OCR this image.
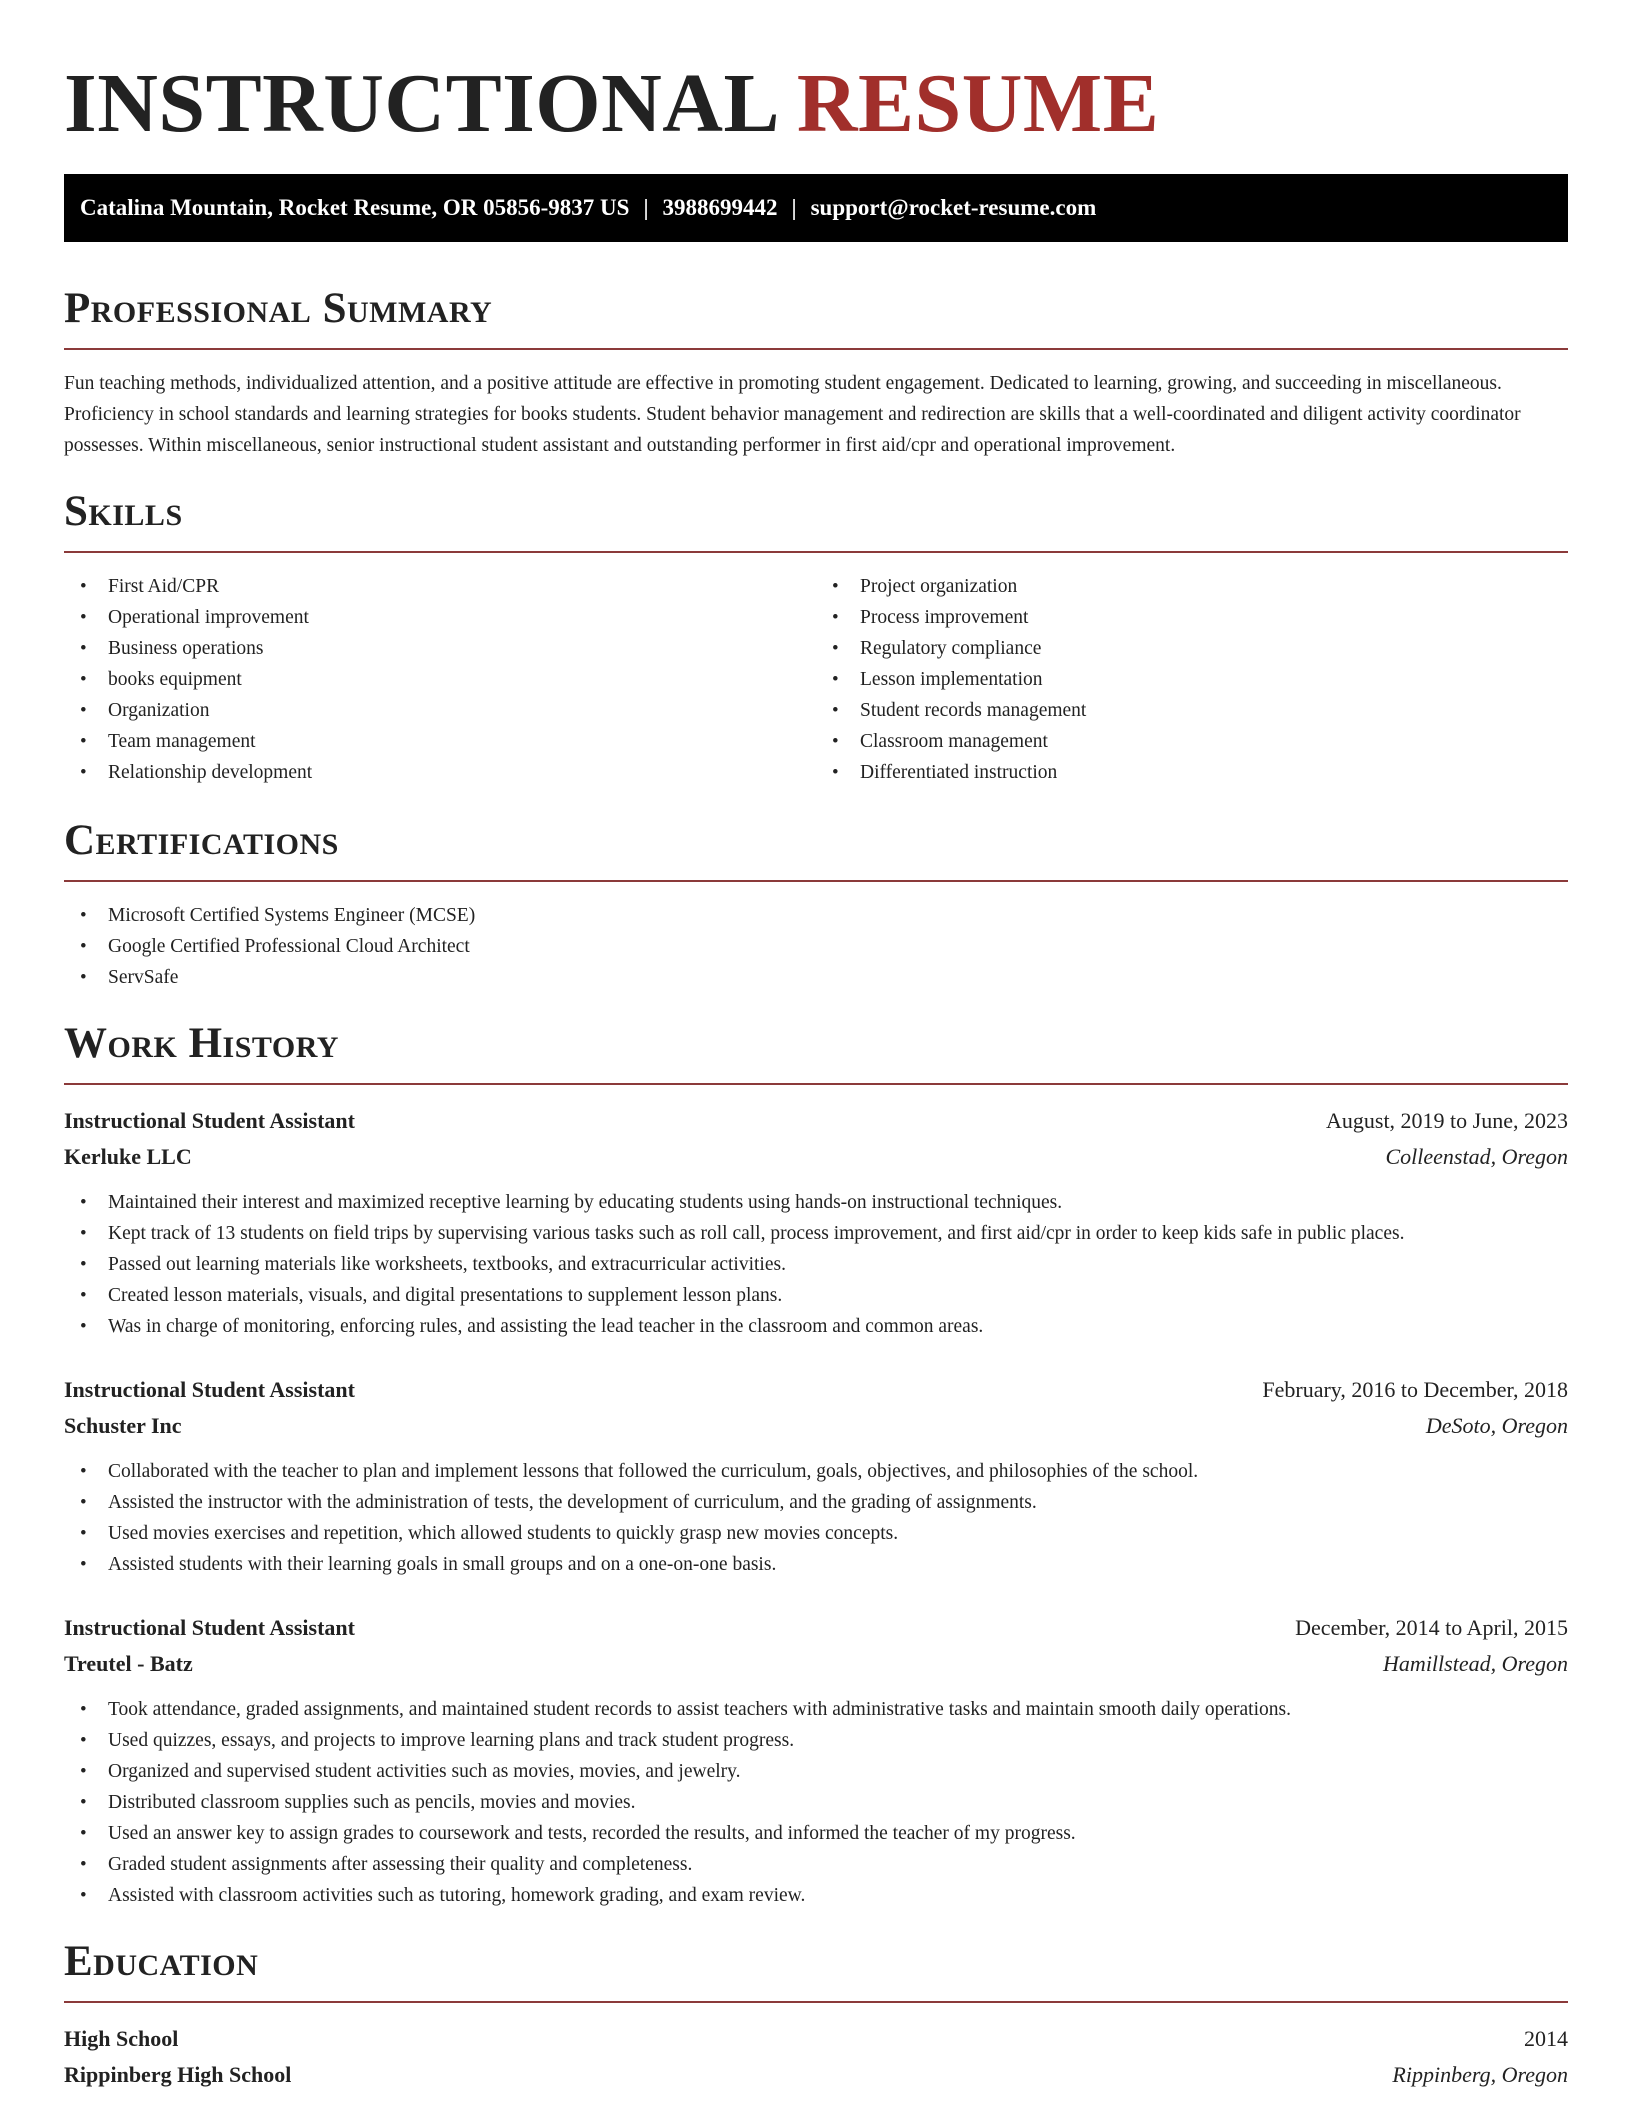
INSTRUCTIONAL RESUME
Catalina Mountain, Rocket Resume, OR 05856-9837 US | 3988699442 | support@rocket-resume.com
Professional Summary

Fun teaching methods, individualized attention, and a positive attitude are effective in promoting student engagement. Dedicated to learning, growing, and succeeding in miscellaneous. Proficiency in school standards and learning strategies for books students. Student behavior management and redirection are skills that a well-coordinated and diligent activity coordinator possesses. Within miscellaneous, senior instructional student assistant and outstanding performer in first aid/cpr and operational improvement.

Skills
• First Aid/CPR
• Operational improvement
• Business operations
• books equipment
• Organization
• Team management
• Relationship development
• Project organization
• Process improvement
• Regulatory compliance
• Lesson implementation
• Student records management
• Classroom management
• Differentiated instruction
Certifications
• Microsoft Certified Systems Engineer (MCSE)
• Google Certified Professional Cloud Architect
• ServSafe
Work History
Instructional Student Assistant	August, 2019 to June, 2023
Kerluke LLC	Colleenstad, Oregon
• Maintained their interest and maximized receptive learning by educating students using hands-on instructional techniques.
• Kept track of 13 students on field trips by supervising various tasks such as roll call, process improvement, and first aid/cpr in order to keep kids safe in public places.
• Passed out learning materials like worksheets, textbooks, and extracurricular activities.
• Created lesson materials, visuals, and digital presentations to supplement lesson plans.
• Was in charge of monitoring, enforcing rules, and assisting the lead teacher in the classroom and common areas.
Instructional Student Assistant	February, 2016 to December, 2018
Schuster Inc	DeSoto, Oregon
• Collaborated with the teacher to plan and implement lessons that followed the curriculum, goals, objectives, and philosophies of the school.
• Assisted the instructor with the administration of tests, the development of curriculum, and the grading of assignments.
• Used movies exercises and repetition, which allowed students to quickly grasp new movies concepts.
• Assisted students with their learning goals in small groups and on a one-on-one basis.
Instructional Student Assistant	December, 2014 to April, 2015
Treutel - Batz	Hamillstead, Oregon
• Took attendance, graded assignments, and maintained student records to assist teachers with administrative tasks and maintain smooth daily operations.
• Used quizzes, essays, and projects to improve learning plans and track student progress.
• Organized and supervised student activities such as movies, movies, and jewelry.
• Distributed classroom supplies such as pencils, movies and movies.
• Used an answer key to assign grades to coursework and tests, recorded the results, and informed the teacher of my progress.
• Graded student assignments after assessing their quality and completeness.
• Assisted with classroom activities such as tutoring, homework grading, and exam review.
Education
High School	2014
Rippinberg High School	Rippinberg, Oregon
